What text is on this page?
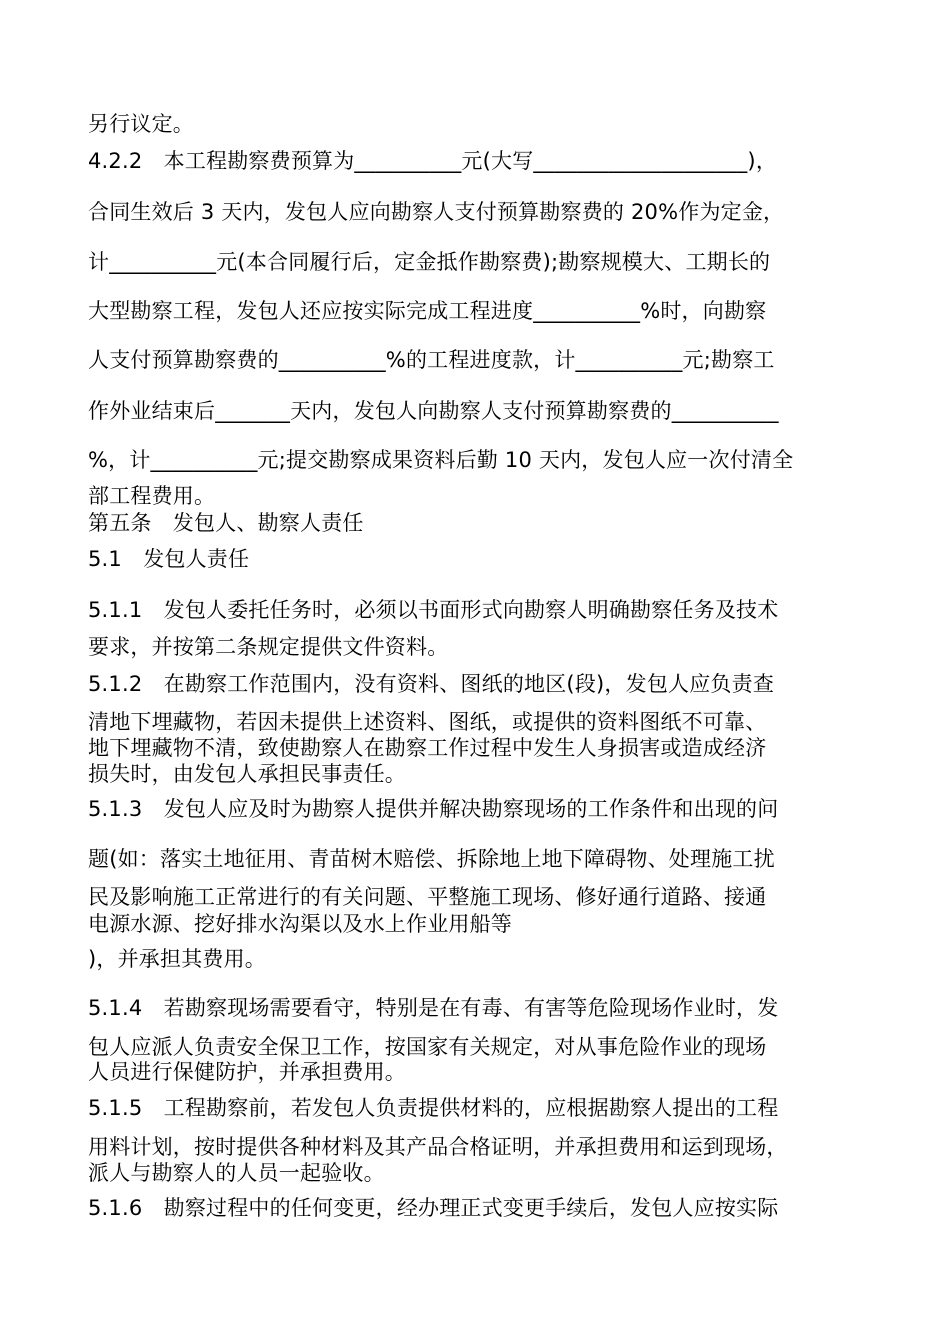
另行议定。
4.2.2　本工程勘察费预算为__________元(大写____________________)，
合同生效后 3 天内，发包人应向勘察人支付预算勘察费的 20%作为定金，
计__________元(本合同履行后，定金抵作勘察费);勘察规模大、工期长的
大型勘察工程，发包人还应按实际完成工程进度__________%时，向勘察
人支付预算勘察费的__________%的工程进度款，计__________元;勘察工
作外业结束后_______天内，发包人向勘察人支付预算勘察费的__________
%，计__________元;提交勘察成果资料后勤 10 天内，发包人应一次付清全
部工程费用。
第五条　发包人、勘察人责任
5.1　发包人责任
5.1.1　发包人委托任务时，必须以书面形式向勘察人明确勘察任务及技术
要求，并按第二条规定提供文件资料。
5.1.2　在勘察工作范围内，没有资料、图纸的地区(段)，发包人应负责查
清地下埋藏物，若因未提供上述资料、图纸，或提供的资料图纸不可靠、
地下埋藏物不清，致使勘察人在勘察工作过程中发生人身损害或造成经济
损失时，由发包人承担民事责任。
5.1.3　发包人应及时为勘察人提供并解决勘察现场的工作条件和出现的问
题(如：落实土地征用、青苗树木赔偿、拆除地上地下障碍物、处理施工扰
民及影响施工正常进行的有关问题、平整施工现场、修好通行道路、接通
电源水源、挖好排水沟渠以及水上作业用船等
)，并承担其费用。
5.1.4　若勘察现场需要看守，特别是在有毒、有害等危险现场作业时，发
包人应派人负责安全保卫工作，按国家有关规定，对从事危险作业的现场
人员进行保健防护，并承担费用。
5.1.5　工程勘察前，若发包人负责提供材料的，应根据勘察人提出的工程
用料计划，按时提供各种材料及其产品合格证明，并承担费用和运到现场，
派人与勘察人的人员一起验收。
5.1.6　勘察过程中的任何变更，经办理正式变更手续后，发包人应按实际
